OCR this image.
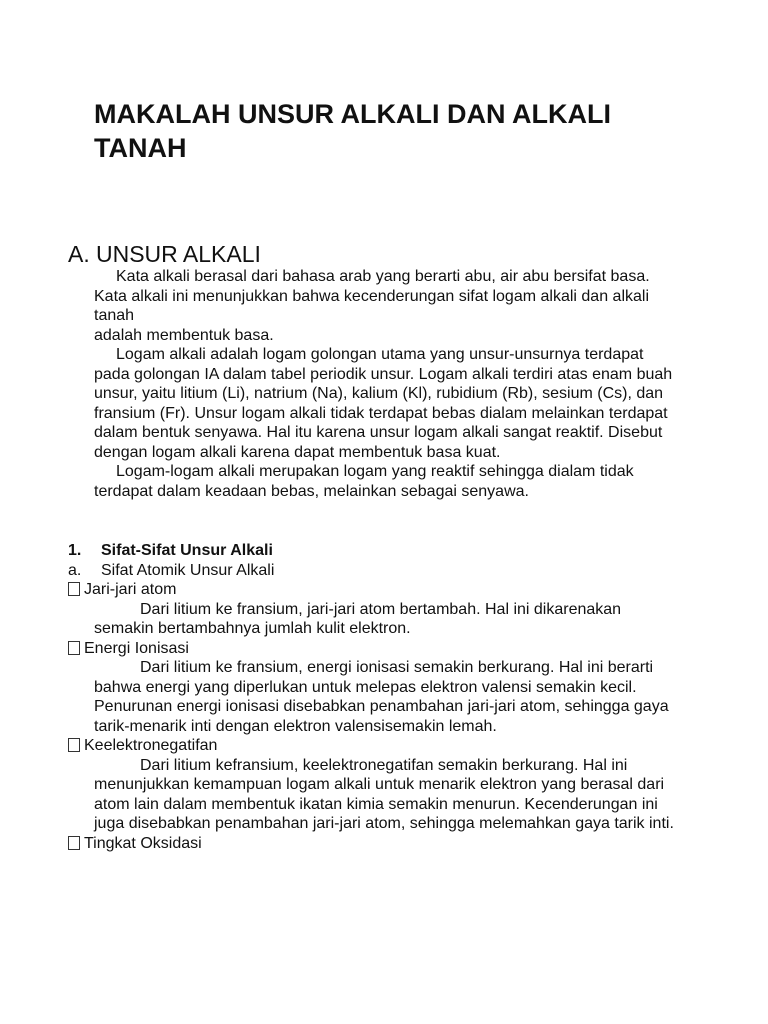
MAKALAH UNSUR ALKALI DAN ALKALI TANAH
A. UNSUR ALKALI

Kata alkali berasal dari bahasa arab yang berarti abu, air abu bersifat basa.

Kata alkali ini menunjukkan bahwa kecenderungan sifat logam alkali dan alkali tanah

adalah membentuk basa.

Logam alkali adalah logam golongan utama yang unsur-unsurnya terdapat pada golongan IA dalam tabel periodik unsur. Logam alkali terdiri atas enam buah unsur, yaitu litium (Li), natrium (Na), kalium (Kl), rubidium (Rb), sesium (Cs), dan fransium (Fr). Unsur logam alkali tidak terdapat bebas dialam melainkan terdapat dalam bentuk senyawa. Hal itu karena unsur logam alkali sangat reaktif. Disebut dengan logam alkali karena dapat membentuk basa kuat.

Logam-logam alkali merupakan logam yang reaktif sehingga dialam tidak terdapat dalam keadaan bebas, melainkan sebagai senyawa.

1. Sifat-Sifat Unsur Alkali

a. Sifat Atomik Unsur Alkali

Jari-jari atom

Dari litium ke fransium, jari-jari atom bertambah. Hal ini dikarenakan semakin bertambahnya jumlah kulit elektron.

Energi Ionisasi

Dari litium ke fransium, energi ionisasi semakin berkurang. Hal ini berarti bahwa energi yang diperlukan untuk melepas elektron valensi semakin kecil. Penurunan energi ionisasi disebabkan penambahan jari-jari atom, sehingga gaya tarik-menarik inti dengan elektron valensisemakin lemah.

Keelektronegatifan

Dari litium kefransium, keelektronegatifan semakin berkurang. Hal ini menunjukkan kemampuan logam alkali untuk menarik elektron yang berasal dari atom lain dalam membentuk ikatan kimia semakin menurun. Kecenderungan ini juga disebabkan penambahan jari-jari atom, sehingga melemahkan gaya tarik inti.

Tingkat Oksidasi
